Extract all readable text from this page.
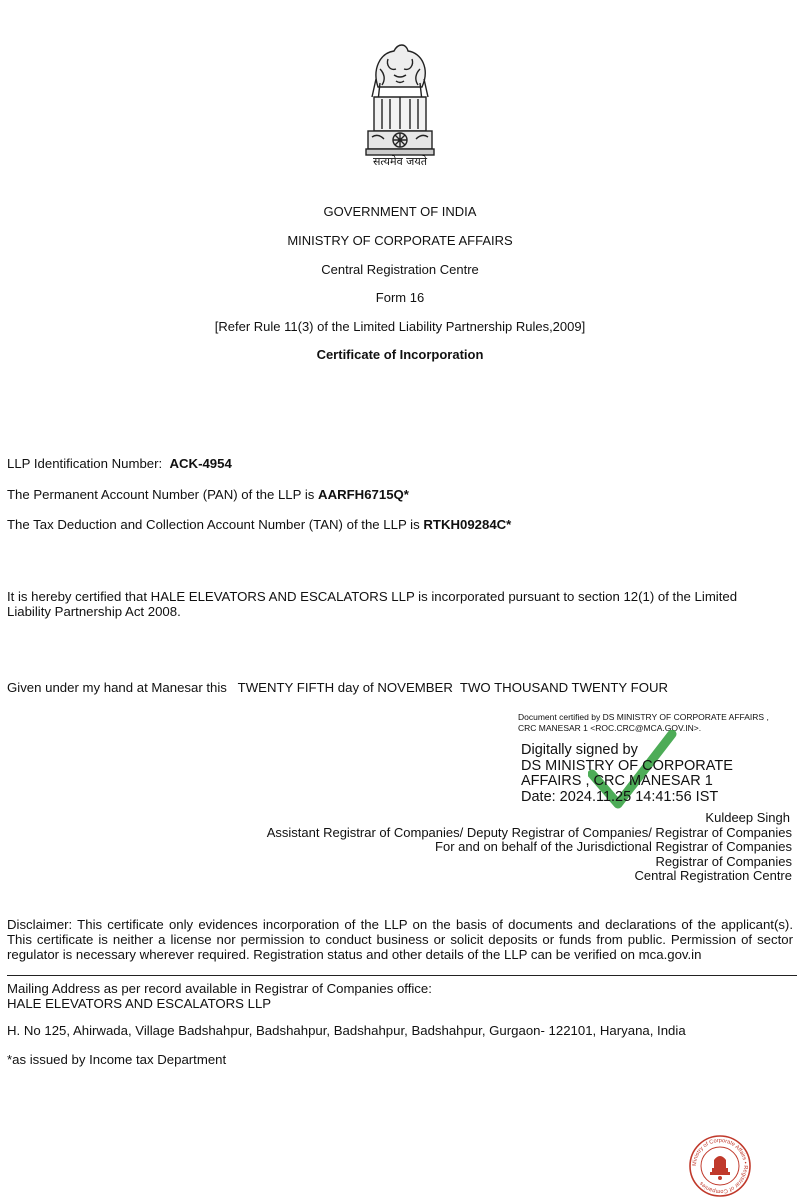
सत्यमेव जयते
GOVERNMENT OF INDIA
MINISTRY OF CORPORATE AFFAIRS
Central Registration Centre
Form 16
[Refer Rule 11(3) of the Limited Liability Partnership Rules,2009]
Certificate of Incorporation
LLP Identification Number: ACK-4954
The Permanent Account Number (PAN) of the LLP is AARFH6715Q*
The Tax Deduction and Collection Account Number (TAN) of the LLP is RTKH09284C*
It is hereby certified that HALE ELEVATORS AND ESCALATORS LLP is incorporated pursuant to section 12(1) of the Limited Liability Partnership Act 2008.
Given under my hand at Manesar this   TWENTY FIFTH day of NOVEMBER  TWO THOUSAND TWENTY FOUR
Document certified by DS MINISTRY OF CORPORATE AFFAIRS , CRC MANESAR 1 <ROC.CRC@MCA.GOV.IN>.
Digitally signed by
DS MINISTRY OF CORPORATE
AFFAIRS , CRC MANESAR 1
Date: 2024.11.25 14:41:56 IST
Kuldeep Singh
Assistant Registrar of Companies/ Deputy Registrar of Companies/ Registrar of Companies
For and on behalf of the Jurisdictional Registrar of Companies
Registrar of Companies
Central Registration Centre
Disclaimer: This certificate only evidences incorporation of the LLP on the basis of documents and declarations of the applicant(s). This certificate is neither a license nor permission to conduct business or solicit deposits or funds from public. Permission of sector regulator is necessary wherever required. Registration status and other details of the LLP can be verified on mca.gov.in
Mailing Address as per record available in Registrar of Companies office:
HALE ELEVATORS AND ESCALATORS LLP
H. No 125, Ahirwada, Village Badshahpur, Badshahpur, Badshahpur, Badshahpur, Gurgaon- 122101, Haryana, India
*as issued by Income tax Department
Ministry of Corporate Affairs • Registrar of Companies
